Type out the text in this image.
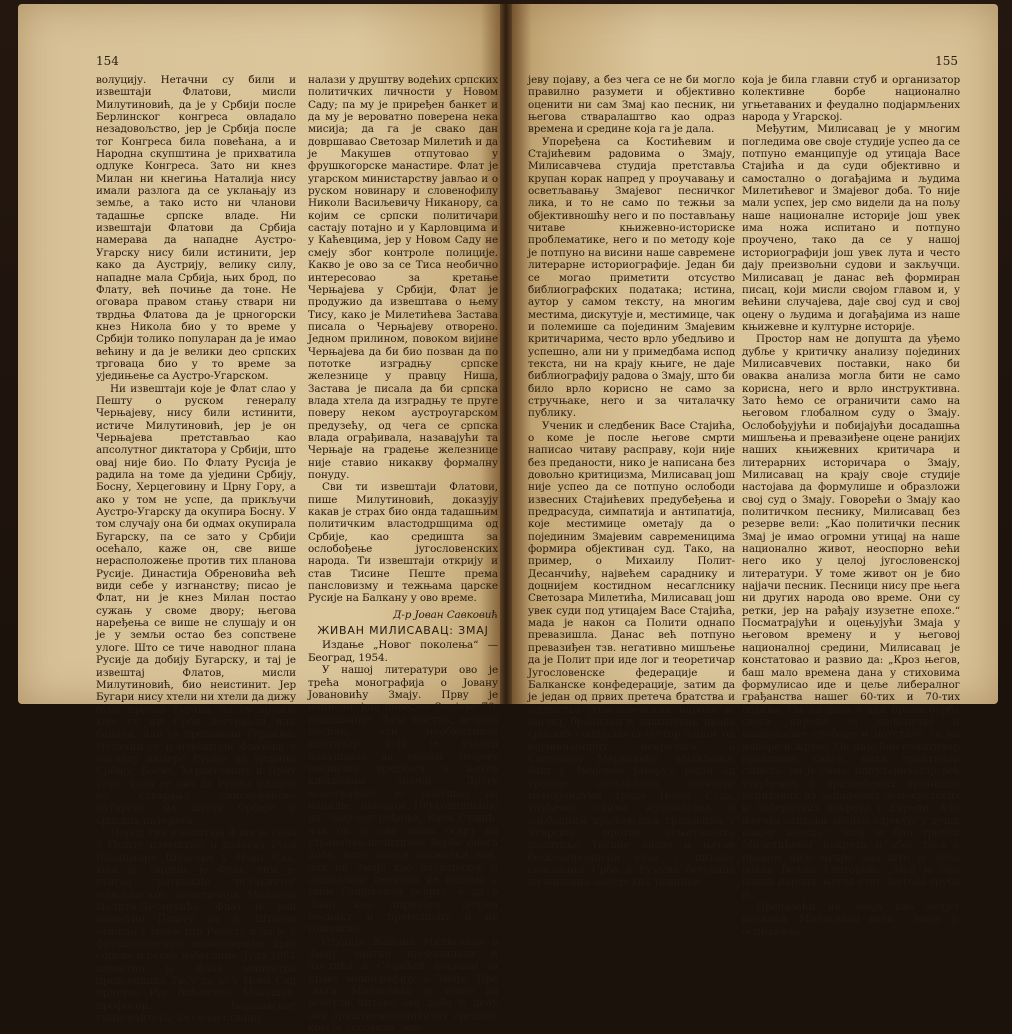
154

волуцију. Нетачни су били и извештаји Флатови, мисли Милутиновић, да је у Србији после Берлинског конгреса овладало незадовољство, јер је Србија после тог Конгреса била повећана, а и Народна скупштина је прихватила одлуке Конгреса. Зато ни кнез Милан ни кнегиња Наталија нису имали разлога да се уклањају из земље, а тако исто ни чланови тадашње српске владе. Ни извештаји Флатови да Србија намерава да нападне Аустро-Угарску нису били истинити, јер како да Аустрију, велику силу, нападне мала Србија, њих брод, по Флату, већ почиње да тоне. Не оговара правом стању ствари ни тврдња Флатова да је црногорски кнез Никола био у то време у Србији толико популаран да је имао већину и да је велики део српских трговаца био у то време за уједињење са Аустро-Угарском.

Ни извештаји које је Флат слао у Пешту о руском генералу Черњајеву, нису били истинити, истиче Милутиновић, јер је он Черњајева претстављао као апсолутног диктатора у Србији, што овај није био. По Флату Русија је радила на томе да уједини Србију, Босну, Херцеговину и Црну Гору, а ако у том не успе, да прикључи Аустро-Угарску да окупира Босну. У том случају она би одмах окупирала Бугарску, па се зато у Србији осећало, каже он, све више нерасположење против тих планова Русије. Династија Обреновића већ види себе у изгнанству; писао је Флат, ни је кнез Милан постао сужањ у своме двору; његова наређења се више не слушају и он је у земљи остао без сопствене улоге. Што се тиче наводног плана Русије да добију Бугарску, и тај је извештај Флатов, мисли Милутиновић, био неистинит. Јер Бугари нису хтели ни хтели да дижу буне против Турака, па су оружје које су им Срби дотурвали или бацали, или га предавали Турцима. Нетачни су и извештаји Флатови у погледу намере Русије да уједини Србију, Босну, Херцеговину и Црну Гору, каза се ова да Русија радила на стварању санстефанске Бугарске, на штету Србије и српских интереса.

Поред тих извештаја Флат је слао у Пешту извештаје о доласку Руса Владимира Штасова у Нови Сад, који је, тврдио, је Флат, чим је стигао потражио истакнутог војвођанског политичара Михаила Полита-Десанчића. Флат је још известио Пешту да је Штасов отишао у манастир Ремету и да је у фрушкогорским манастирима криј сопске и руске избеглице. Јула 1881 известио је Флат министра председника Тису да је у Нови Сад пристао Руе Вићентије Макушев, професор Варшавског универзитета; да се он стално

налази у друштву водећих српских политичких личности у Новом Саду; па му је приређен банкет и да му је вероватно поверена нека мисија; да га је свако дан довршавао Светозар Милетић и да је Макушев отпутовао у фрушкогорске манастире. Флат је угарском министарству јављао и о руском новинару и словенофилу Николи Васиљевичу Никанору, са којим се српски политичари састају потајно и у Карловцима и у Каћевцима, јер у Новом Саду не смеју због контроле полиције. Какво је ово за се Тиса необично интересовао за кретање Черњајева у Србији, Флат је продужио да извештава о њему Тису, како је Милетићева Застава писала о Черњајеву отворено. Једном прилином, повоком вијине Черњајева да би био позван да по пототке изградњу српске железнице у правцу Ниша, Застава је писала да би српска влада хтела да изградњу те пруге поверу неком аустроугарском предузећу, од чега се српска влада ограђивала, назавајући та Черњаје на градење железнице није ставио никакву формалну понуду.

Сви ти извештаји Флатови, пише Милутиновић, доказују какав је страх био онда тадашњим политичким властодршцима од Србије, као средишта за ослобођење југословенских народа. Ти извештаји открију и став Тисине Пеште према пансловизму и тежњама царске Русије на Балкану у ово време.

Д-р Јован Савковић
ЖИВАН МИЛИСАВАЦ: ЗМАЈ

Издање „Новог поколења“ — Београд, 1954.

У нашој литератури ово је трећа монографија о Јовану Јовановићу Змају. Прву је написао, још поводом Змајеве 70-годишњице, Лаза Костић, велики песник, али необјективан критичар, који је узалуд покушавао да умањи Змајеву песничку вредност и његов књижевни значај. Другу монографију је покушао да напише, поводом 100-годишњице од Змајевог рођења, Васа Стајић, али он је ово више осврт на страначко-политичке борбе онога доба, него Змајев песнички лик; чак ни Змаја као политичког и социјалног песника не видимо у свом Стајићевом осврту, а да о Змају као лиричару, дечјем песнику и преводиоцу и не говоримо.

Студија Живана Милисавца о Змају знатно превазилази и Костића и Стајићев покушај за праву монографију о Змају. Пре свега, Милисавац је успео да осветли читаво ово доба и целу ону друштвенополитичку средину која је условила Зма-

155

јеву појаву, а без чега се не би могло правилно разумети и објективно оценити ни сам Змај као песник, ни његова стваралаштво као одраз времена и средине која га је дала.

Упоређена са Костићевим и Стајићевим радовима о Змају, Милисавчева студија претставља крупан корак напред у проучавању и осветљавању Змајевог песничког лика, и то не само по тежњи за објективношћу него и по постављању читаве књижевно-историске проблематике, него и по методу које је потпуно на висини наше савремене литерарне историографије. Један би се могао приметити отсуство библиографских података; истина, аутор у самом тексту, на многим местима, дискутује и, местимице, чак и полемише са појединим Змајевим критичарима, често врло убедљиво и успешно, али ни у примедбама испод текста, ни на крају књиге, не даје библиографију радова о Змају, што би било врло корисно не само за стручњаке, него и за читалачку публику.

Ученик и следбеник Васе Стајића, о коме је после његове смрти написао читаву расправу, који није без преданости, нико је написана без довољно критицизма, Милисавац још није успео да се потпуно ослободи извесних Стајићевих предубеђења и предрасуда, симпатија и антипатија, које местимице ометају да о појединим Змајевим савременицима формира објективан суд. Тако, на пример, о Михаилу Полит-Десанчићу, највећем сараднику и доцнијем костидном несаглснику Светозара Милетића, Милисавац још увек суди под утицајем Васе Стајића, мада је након са Полити однапо превазишла. Данас већ потпуно превазиђен тзв. негативно мишљење да је Полит при иде лог и теоретичар Југословенске федерације и Балканске конфедерације, затим да је један од првих претеча братства и јединства југословенских народа и, најзад, бранилац и заштитник права српских социјалиста (аутор једног од најзначајнијих некролога о Светозару Марковићу, објављеног баш у Змајевом Јавору); један од тројице састављача познатог меморандума града Новог Сада, упућеног свима жупанијама и слободним краљевским градовима у Угарској, против угњетавачке политике Тисине владе и његов бескомпромисни став у питању спасавања Срба и Румуна бегунаца из њихових завјерских тамнице.

која је била главни стуб и организатор колективне борбе национално угњетаваних и феудално подјармљених народа у Угарској.

Међутим, Милисавац је у многим погледима ове своје студије успео да се потпуно еманципује од утицаја Васе Стајића и да суди објективно и самостално о догађајима и људима Милетићевог и Змајевог доба. То није мали успех, јер смо видели да на пољу наше националне историје још увек има ножа испитано и потпуно проучено, тако да се у нашој историографији још увек лута и често дају преизвољни судови и закључци. Милисавац је данас већ формиран писац, који мисли својом главом и, у већини случајева, даје свој суд и свој оцену о људима и догађајима из наше књижевне и културне историје.

Простор нам не допушта да уђемо дубље у критичку анализу појединих Милисавчевих поставки, нако би оваква анализа могла бити не само корисна, него и врло инструктивна. Зато ћемо се ограничити само на његовом глобалном суду о Змају. Ослобођујући и побијајући досадашња мишљења и превазиђене оцене ранијих наших књижевних критичара и литерарних историчара о Змају, Милисавац на крају своје студије настојава да формулише и образложи свој суд о Змају. Говорећи о Змају као политичком песнику, Милисавац без резерве вели: „Као политички песник Змај је имао огромни утицај на наше национално живот, неоспорно већи него ико у целој југословенској литератури. У томе живот он је био најјачи песник. Песници нису пре њега ни других народа ово време. Они су ретки, јер на рађају изузетне епохе.“ Посматрајући и оцењујући Змаја у његовом времену и у његовој националној средини, Милисавац је констатовао и развио да: „Кроз његов, баш мало времена дана у стиховима формулисао иде и цеље либералног грађанства нашег 60-тих и 70-тих година. Он из дана у дан брани борбу свога народа за политичке и националне слободе и потстиче га на напоре и жртве. Он није био политичар креативне снаге, нити практичар смисла; он је само, популаризатор већ утврђених и прихваћених принципа испитаних из запаљених демократских и либералних покрета у Европи. Али његова стихови звонко одјекују у души нашег народа.“ Змај је био трибун Милетићевог покрета и због тога с правом није мудро оно што је лепо рекао Вељко Глигорић: „Змај је био поноћ народа, његов стег, његова труба и...

Прелазећи на Змаја као дечјег песника, Милисавац вели: „Змају је осправљао
